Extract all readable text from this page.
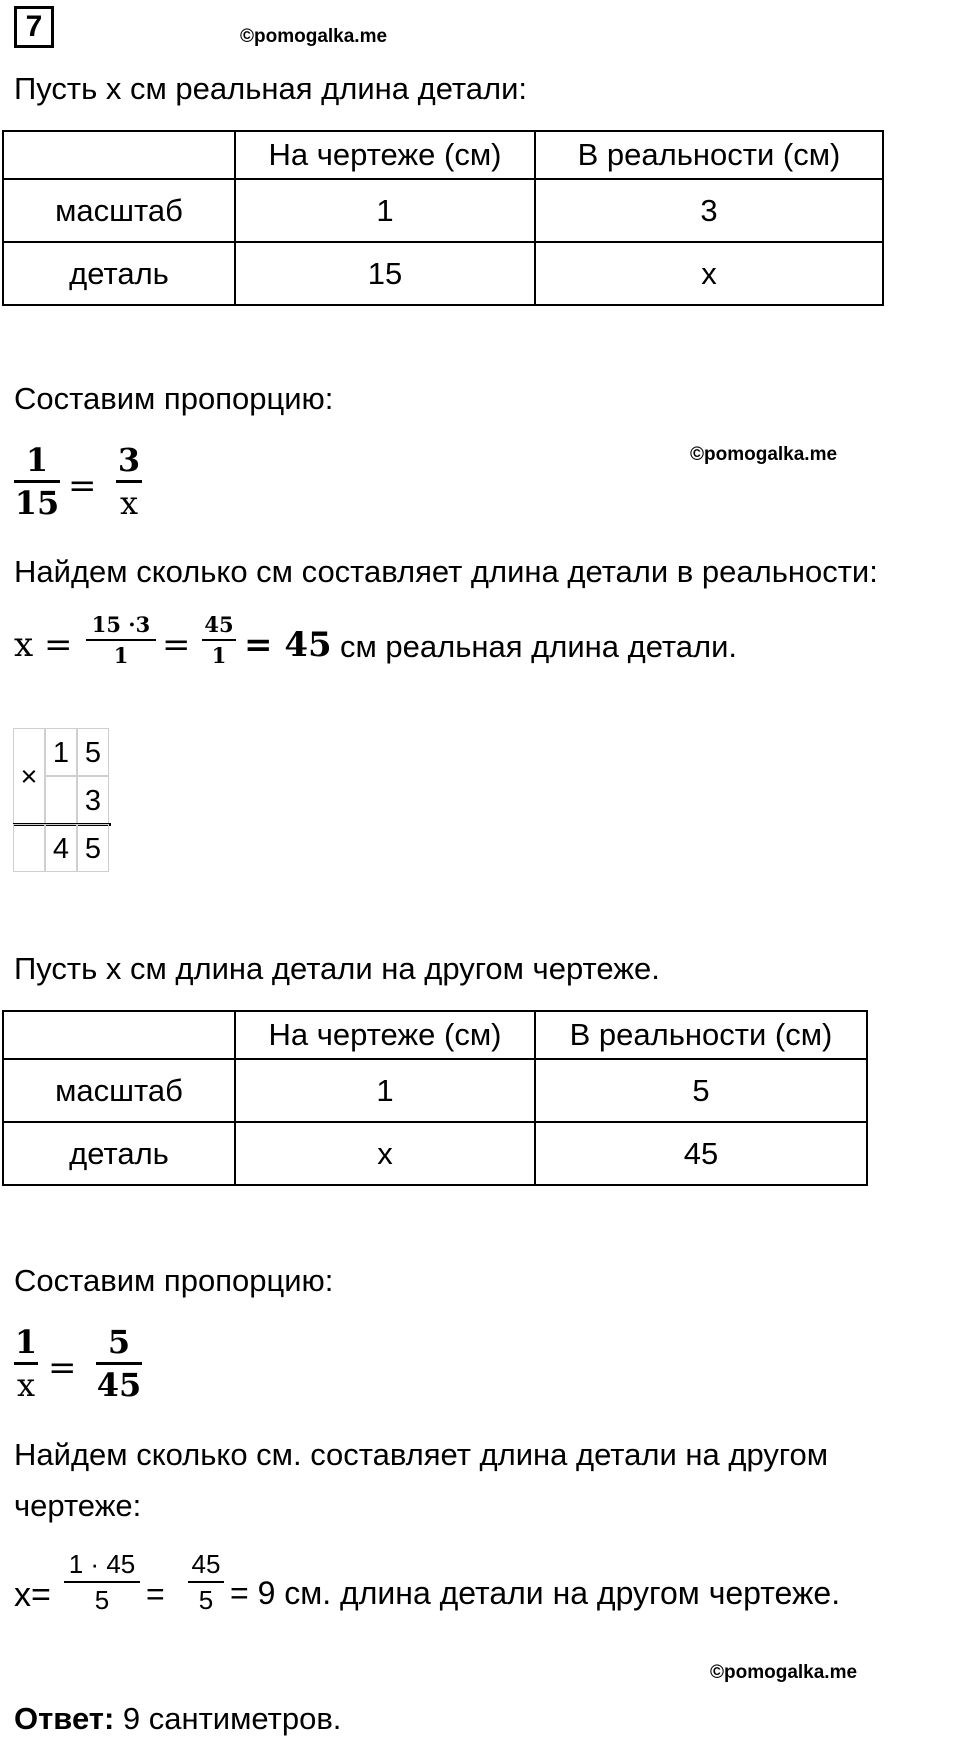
7	©pomogalka.me
Пусть х см реальная длина детали:
	На чертеже (см)	В реальности (см)
масштаб	1	3
деталь	15	х
Составим пропорцию:
1
15 =
3
x
©pomogalka.me
Найдем сколько см составляет длина детали в реальности:
x =
15 ·3
1 =
45
1 = 45 см реальная длина детали.
×
1 5
3
4 5
Пусть х см длина детали на другом чертеже.
	На чертеже (см)	В реальности (см)
масштаб	1	5
деталь	х	45
Составим пропорцию:
1
x =
5
45
Найдем сколько см. составляет длина детали на другом
чертеже:
x=
1 · 45
5	=
45
5 = 9 см. длина детали на другом чертеже.
©pomogalka.me
Ответ: 9 сантиметров.
